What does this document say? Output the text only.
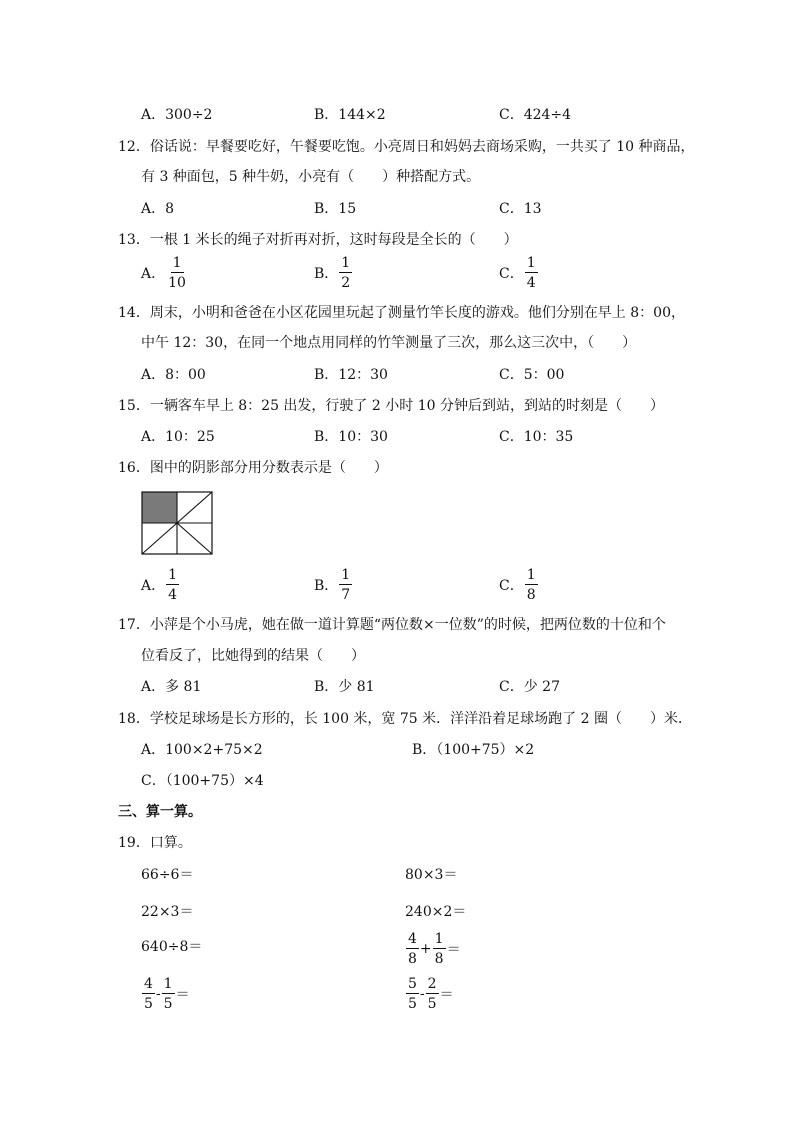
A．300÷2	B．144×2	C．424÷4
12．俗话说：早餐要吃好，午餐要吃饱。小亮周日和妈妈去商场采购，一共买了 10 种商品，
有 3 种面包，5 种牛奶，小亮有（　　）种搭配方式。
A．8	B．15	C．13
13．一根 1 米长的绳子对折再对折，这时每段是全长的（　　）
A． $\frac{1}{10}$	B． $\frac{1}{2}$	C． $\frac{1}{4}$
14．周末，小明和爸爸在小区花园里玩起了测量竹竿长度的游戏。他们分别在早上 8：00，
中午 12：30，在同一个地点用同样的竹竿测量了三次，那么这三次中，（　　）
A．8：00	B．12：30	C．5：00
15．一辆客车早上 8：25 出发，行驶了 2 小时 10 分钟后到站，到站的时刻是（　　）
A．10：25	B．10：30	C．10：35
16．图中的阴影部分用分数表示是（　　）
A． $\frac{1}{4}$	B． $\frac{1}{7}$	C． $\frac{1}{8}$
17．小萍是个小马虎，她在做一道计算题“两位数×一位数”的时候，把两位数的十位和个
位看反了，比她得到的结果（　　）
A．多 81	B．少 81	C．少 27
18．学校足球场是长方形的，长 100 米，宽 75 米．洋洋沿着足球场跑了 2 圈（　　）米．
A．100×2+75×2	B．（100+75）×2
C．（100+75）×4
三、算一算。
19．口算。
66÷6＝	80×3＝
22×3＝	240×2＝
640÷8＝	$\frac{4}{8} + \frac{1}{8}$ ＝
$\frac{4}{5} - \frac{1}{5}$ ＝	$\frac{5}{5} - \frac{2}{5}$ ＝
